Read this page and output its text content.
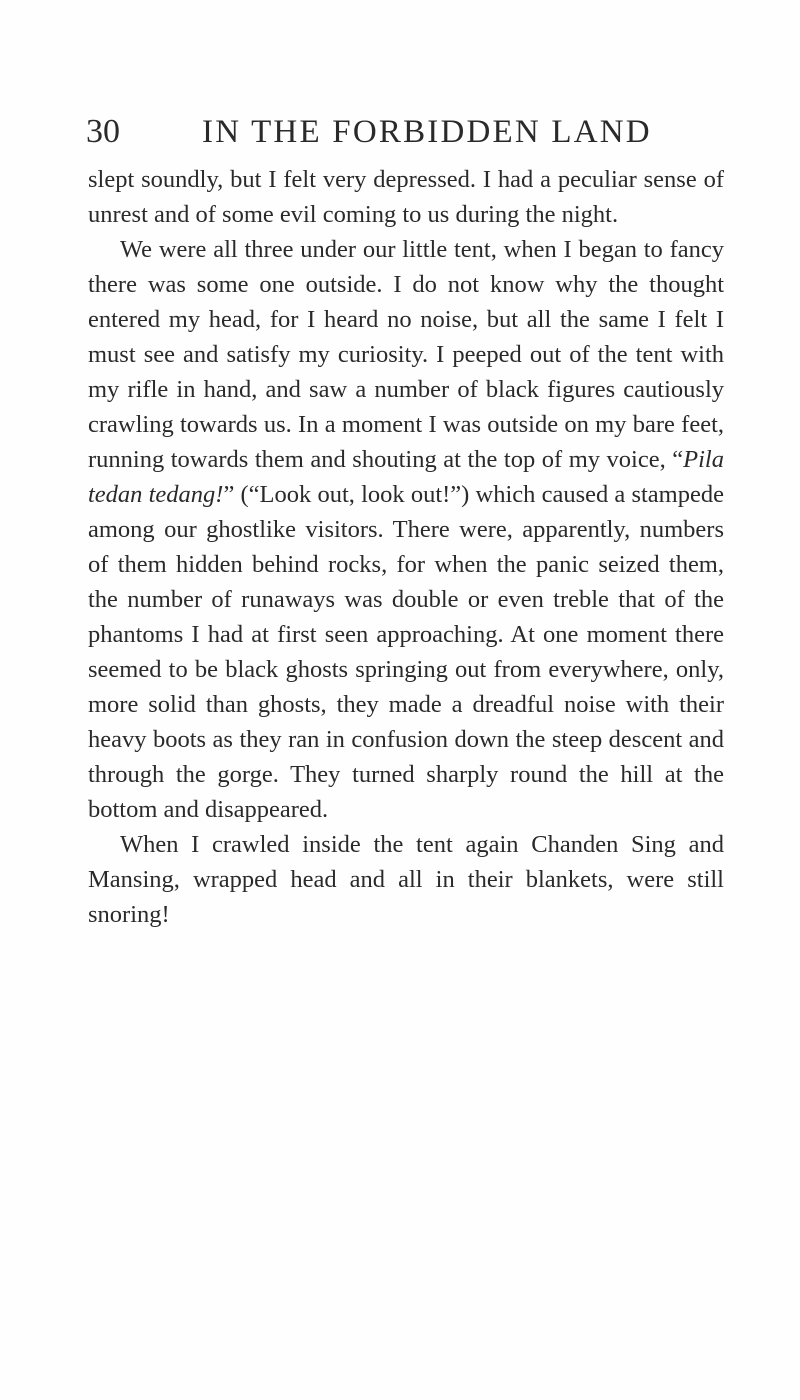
30 IN THE FORBIDDEN LAND

slept soundly, but I felt very depressed. I had a peculiar sense of unrest and of some evil coming to us during the night.

We were all three under our little tent, when I began to fancy there was some one outside. I do not know why the thought entered my head, for I heard no noise, but all the same I felt I must see and satisfy my curiosity. I peeped out of the tent with my rifle in hand, and saw a number of black figures cautiously crawling towards us. In a moment I was outside on my bare feet, running towards them and shouting at the top of my voice, “Pila tedan tedang!” (“Look out, look out!”) which caused a stampede among our ghostlike visitors. There were, apparently, numbers of them hidden behind rocks, for when the panic seized them, the number of runaways was double or even treble that of the phantoms I had at first seen approaching. At one moment there seemed to be black ghosts springing out from everywhere, only, more solid than ghosts, they made a dreadful noise with their heavy boots as they ran in confusion down the steep descent and through the gorge. They turned sharply round the hill at the bottom and disappeared.

When I crawled inside the tent again Chanden Sing and Mansing, wrapped head and all in their blankets, were still snoring!
